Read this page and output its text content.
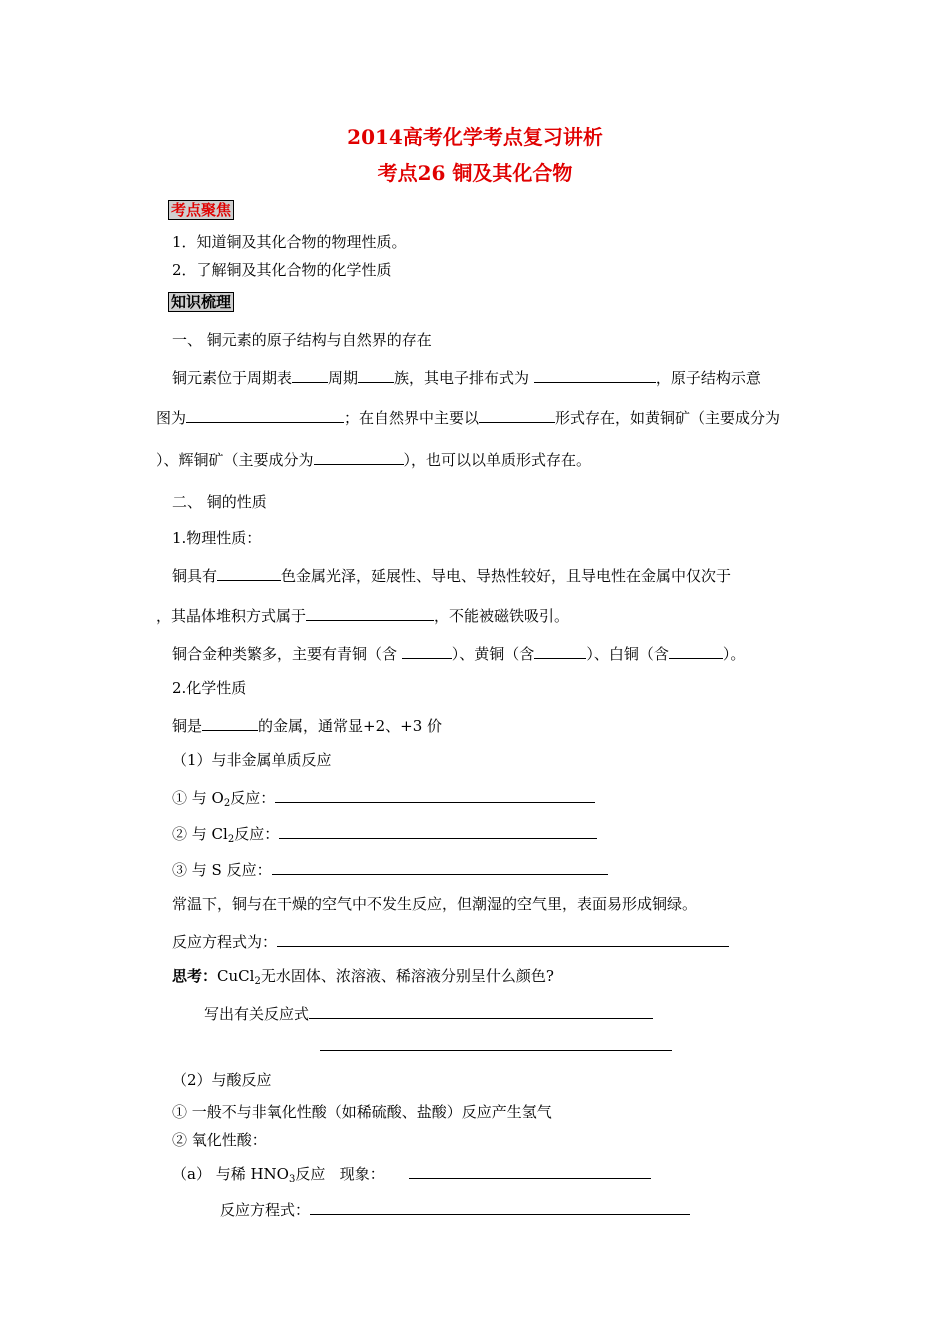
2014高考化学考点复习讲析
考点26 铜及其化合物
考点聚焦
1．知道铜及其化合物的物理性质。
2．了解铜及其化合物的化学性质
知识梳理
一、 铜元素的原子结构与自然界的存在
铜元素位于周期表 周期 族，其电子排布式为	，原子结构示意
图为	；在自然界中主要以	形式存在，如黄铜矿（主要成分为
）、辉铜矿（主要成分为	），也可以以单质形式存在。
二、 铜的性质
1.物理性质：
铜具有	色金属光泽，延展性、导电、导热性较好，且导电性在金属中仅次于
，其晶体堆积方式属于	，不能被磁铁吸引。
铜合金种类繁多，主要有青铜（含	）、黄铜（含	）、白铜（含	）。
2.化学性质
铜是	的金属，通常显+2、+3 价
（1）与非金属单质反应
① 与 $O_2$反应：
② 与 $Cl_2$反应：
③ 与 S 反应：
常温下，铜与在干燥的空气中不发生反应，但潮湿的空气里，表面易形成铜绿。
反应方程式为：
思考：CuCl$_2$无水固体、浓溶液、稀溶液分别呈什么颜色?
写出有关反应式
（2）与酸反应
① 一般不与非氧化性酸（如稀硫酸、盐酸）反应产生氢气
② 氧化性酸：
（a） 与稀 $HNO_3$反应 现象：
反应方程式：
